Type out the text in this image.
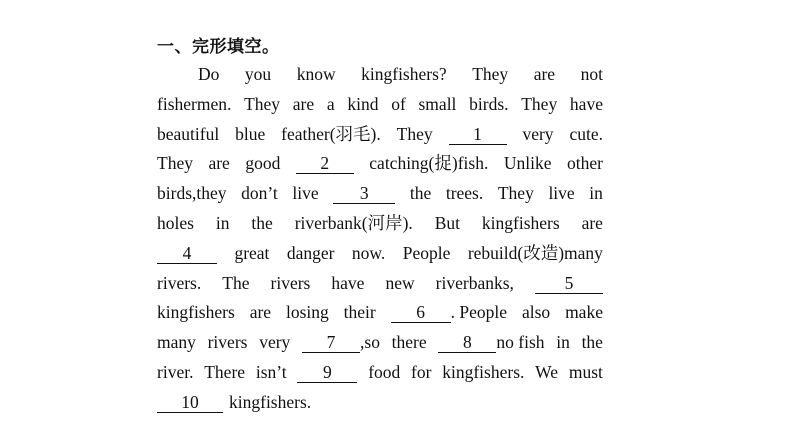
一、完形填空。
Do you know kingfishers? They are not
fishermen. They are a kind of small birds. They have
beautiful blue feather(羽毛). They	1	very cute.
They are good	2	catching(捉)fish. Unlike other
birds,they don’t live	3	the trees. They live in
holes in the riverbank(河岸). But kingfishers are
4	great danger now. People rebuild(改造)many
rivers. The rivers have new riverbanks,	5
kingfishers are losing their	6 . People also make
many rivers very	7 ,so there	8 no fish in the
river. There isn’t	9	food for kingfishers. We must
10	kingfishers.
